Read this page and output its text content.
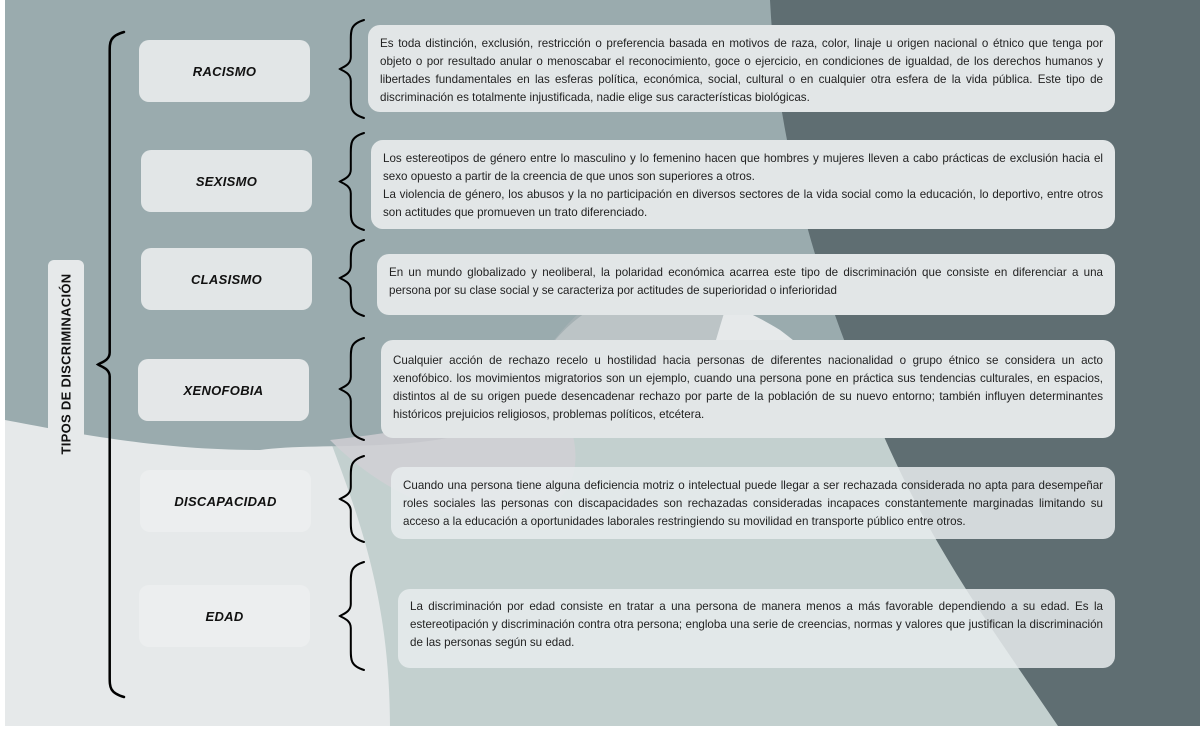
TIPOS DE DISCRIMINACIÓN
RACISMO
SEXISMO
CLASISMO
XENOFOBIA
DISCAPACIDAD
EDAD

Es toda distinción, exclusión, restricción o preferencia basada en motivos de raza, color, linaje u origen nacional o étnico que tenga por objeto o por resultado anular o menoscabar el reconocimiento, goce o ejercicio, en condiciones de igualdad, de los derechos humanos y libertades fundamentales en las esferas política, económica, social, cultural o en cualquier otra esfera de la vida pública. Este tipo de discriminación es totalmente injustificada, nadie elige sus características biológicas.

Los estereotipos de género entre lo masculino y lo femenino hacen que hombres y mujeres lleven a cabo prácticas de exclusión hacia el sexo opuesto a partir de la creencia de que unos son superiores a otros.

La violencia de género, los abusos y la no participación en diversos sectores de la vida social como la educación, lo deportivo, entre otros son actitudes que promueven un trato diferenciado.

En un mundo globalizado y neoliberal, la polaridad económica acarrea este tipo de discriminación que consiste en diferenciar a una persona por su clase social y se caracteriza por actitudes de superioridad o inferioridad

Cualquier acción de rechazo recelo u hostilidad hacia personas de diferentes nacionalidad o grupo étnico se considera un acto xenofóbico. los movimientos migratorios son un ejemplo, cuando una persona pone en práctica sus tendencias culturales, en espacios, distintos al de su origen puede desencadenar rechazo por parte de la población de su nuevo entorno; también influyen determinantes históricos prejuicios religiosos, problemas políticos, etcétera.

Cuando una persona tiene alguna deficiencia motriz o intelectual puede llegar a ser rechazada considerada no apta para desempeñar roles sociales las personas con discapacidades son rechazadas consideradas incapaces constantemente marginadas limitando su acceso a la educación a oportunidades laborales restringiendo su movilidad en transporte público entre otros.

La discriminación por edad consiste en tratar a una persona de manera menos a más favorable dependiendo a su edad. Es la estereotipación y discriminación contra otra persona; engloba una serie de creencias, normas y valores que justifican la discriminación de las personas según su edad.
